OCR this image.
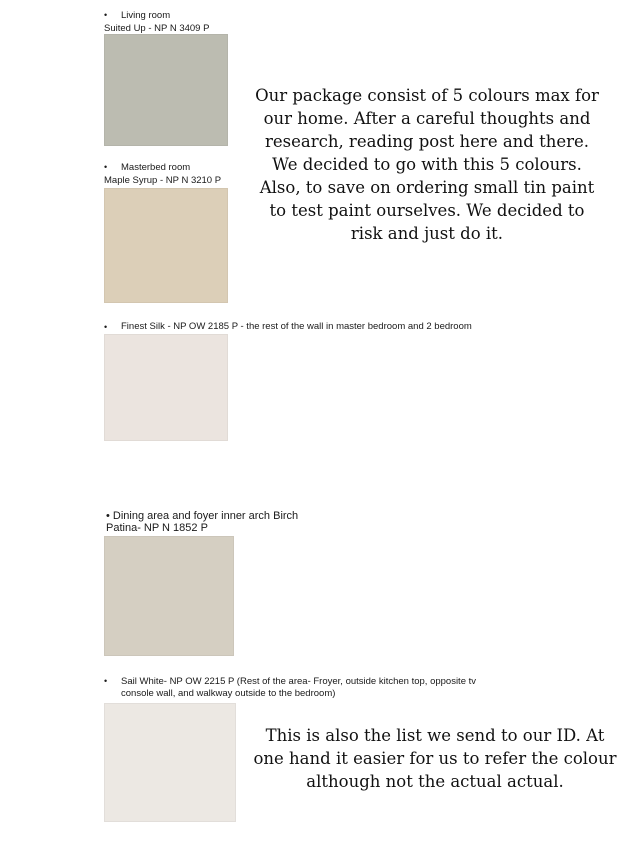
• Living room
Suited Up - NP N 3409 P
• Masterbed room
Maple Syrup - NP N 3210 P
• Finest Silk - NP OW 2185 P - the rest of the wall in master bedroom and 2 bedroom
• Dining area and foyer inner arch Birch
Patina- NP N 1852 P
• Sail White- NP OW 2215 P (Rest of the area- Froyer, outside kitchen top, opposite tv
console wall, and walkway outside to the bedroom)
Our package consist of 5 colours max for our home. After a careful thoughts and research, reading post here and there. We decided to go with this 5 colours. Also, to save on ordering small tin paint to test paint ourselves. We decided to risk and just do it.
This is also the list we send to our ID. At one hand it easier for us to refer the colour although not the actual actual.
